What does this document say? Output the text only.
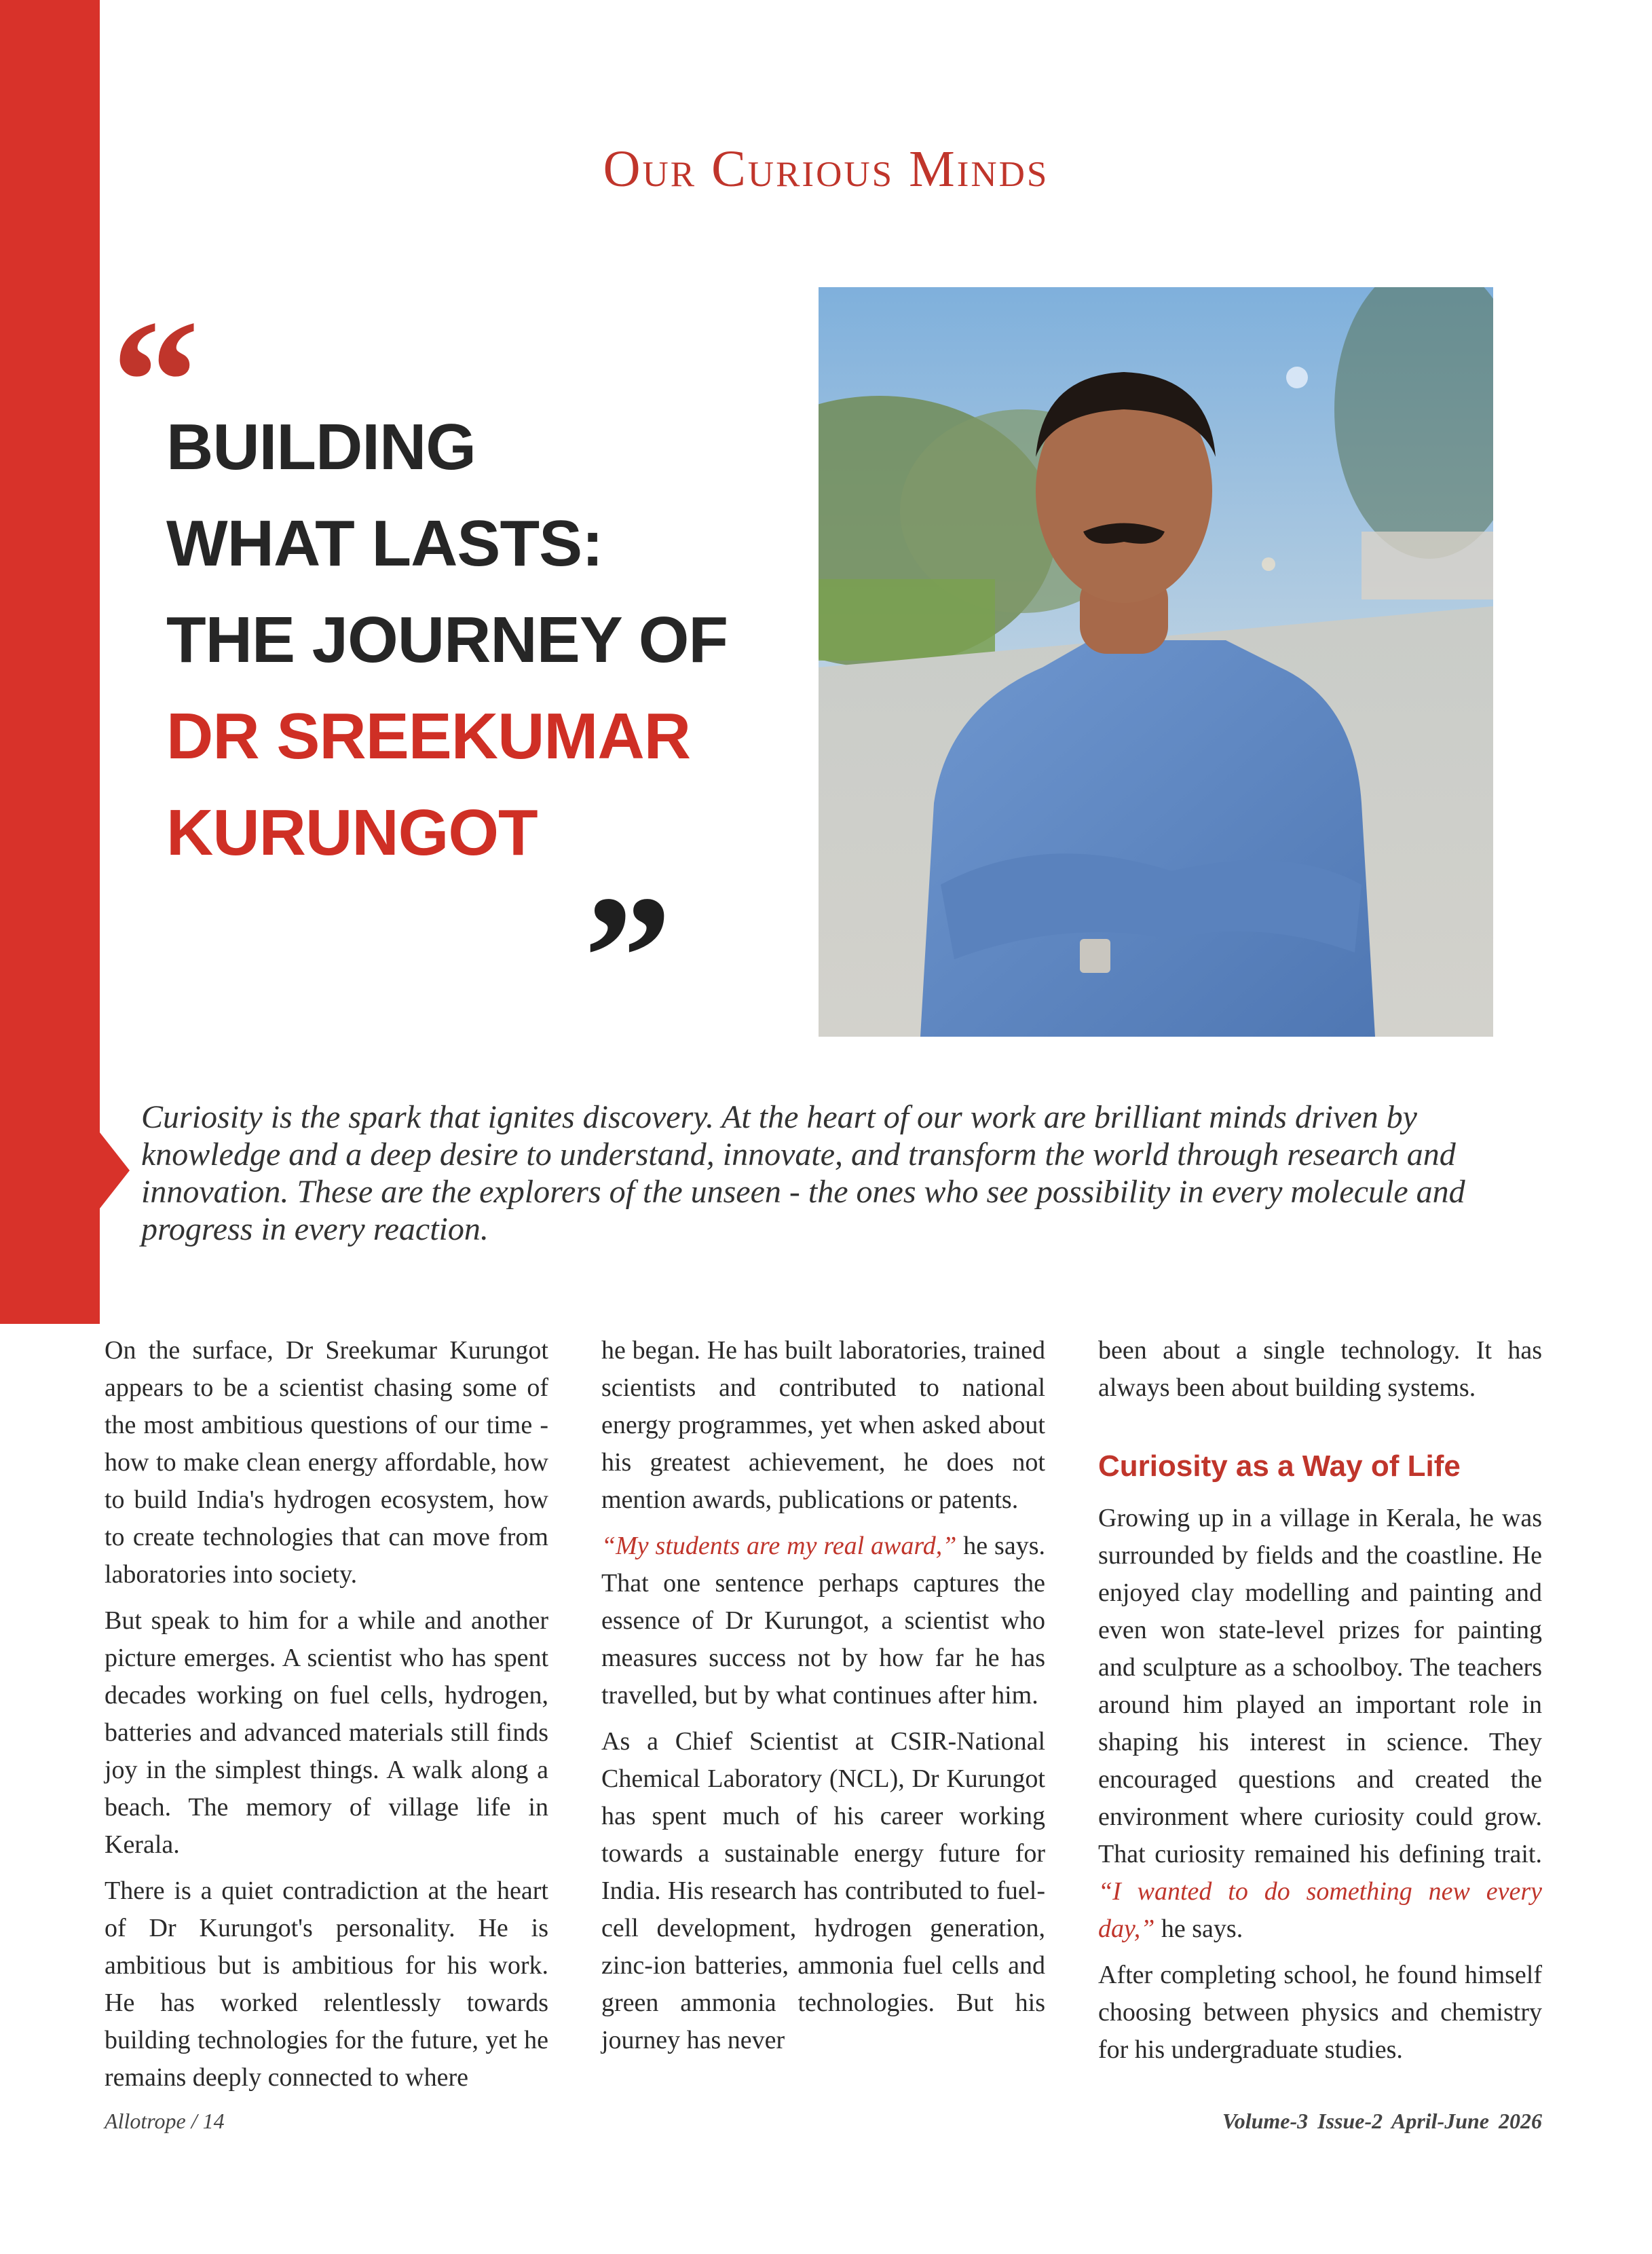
Our Curious Minds
“
BUILDING
WHAT LASTS:
THE JOURNEY OF
DR SREEKUMAR
KURUNGOT
”

Curiosity is the spark that ignites discovery. At the heart of our work are brilliant minds driven by knowledge and a deep desire to understand, innovate, and transform the world through research and innovation. These are the explorers of the unseen - the ones who see possibility in every molecule and progress in every reaction.

On the surface, Dr Sreekumar Kurungot appears to be a scientist chasing some of the most ambitious questions of our time - how to make clean energy affordable, how to build India's hydrogen ecosystem, how to create technologies that can move from laboratories into society.

But speak to him for a while and another picture emerges. A scientist who has spent decades working on fuel cells, hydrogen, batteries and advanced materials still finds joy in the simplest things. A walk along a beach. The memory of village life in Kerala.

There is a quiet contradiction at the heart of Dr Kurungot's personality. He is ambitious but is ambitious for his work. He has worked relentlessly towards building technologies for the future, yet he remains deeply connected to where

he began. He has built laboratories, trained scientists and contributed to national energy programmes, yet when asked about his greatest achievement, he does not mention awards, publications or patents.

“My students are my real award,” he says. That one sentence perhaps captures the essence of Dr Kurungot, a scientist who measures success not by how far he has travelled, but by what continues after him.

As a Chief Scientist at CSIR-National Chemical Laboratory (NCL), Dr Kurungot has spent much of his career working towards a sustainable energy future for India. His research has contributed to fuel-cell development, hydrogen generation, zinc-ion batteries, ammonia fuel cells and green ammonia technologies. But his journey has never

been about a single technology. It has always been about building systems.

Curiosity as a Way of Life

Growing up in a village in Kerala, he was surrounded by fields and the coastline. He enjoyed clay modelling and painting and even won state-level prizes for painting and sculpture as a schoolboy. The teachers around him played an important role in shaping his interest in science. They encouraged questions and created the environment where curiosity could grow. That curiosity remained his defining trait. “I wanted to do something new every day,” he says.

After completing school, he found himself choosing between physics and chemistry for his undergraduate studies.

Allotrope / 14	Volume-3 Issue-2 April-June 2026
